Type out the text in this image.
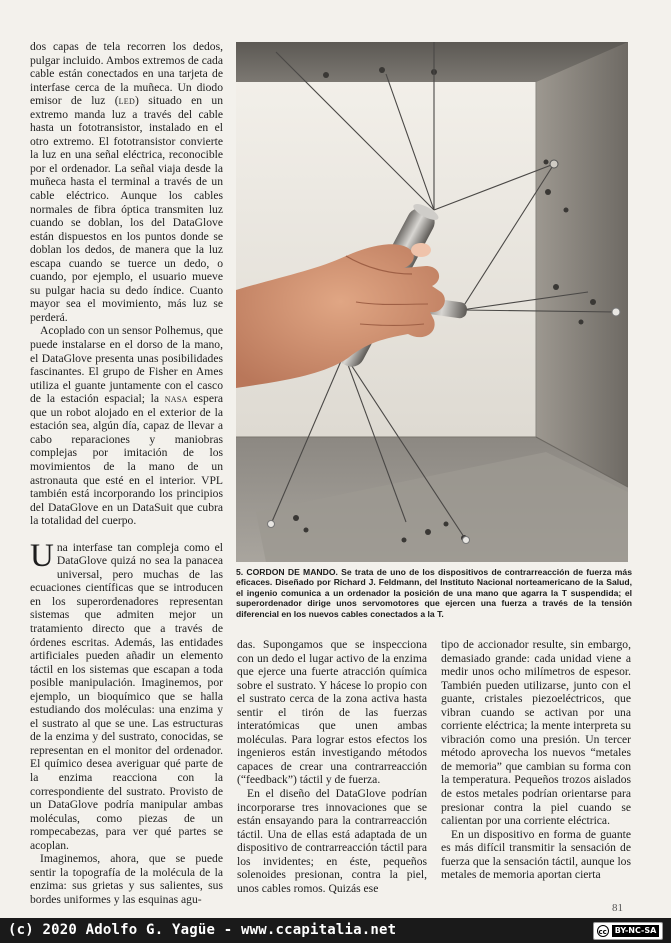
dos capas de tela recorren los dedos, pulgar incluido. Ambos extremos de cada cable están conectados en una tarjeta de interfase cerca de la muñeca. Un diodo emisor de luz (led) situado en un extremo manda luz a través del cable hasta un fototransistor, instalado en el otro extremo. El fototransistor convierte la luz en una señal eléctrica, reconocible por el ordenador. La señal viaja desde la muñeca hasta el terminal a través de un cable eléctrico. Aunque los cables normales de fibra óptica transmiten luz cuando se doblan, los del DataGlove están dispuestos en los puntos donde se doblan los dedos, de manera que la luz escapa cuando se tuerce un dedo, o cuando, por ejemplo, el usuario mueve su pulgar hacia su dedo índice. Cuanto mayor sea el movimiento, más luz se perderá.

Acoplado con un sensor Polhemus, que puede instalarse en el dorso de la mano, el DataGlove presenta unas posibilidades fascinantes. El grupo de Fisher en Ames utiliza el guante juntamente con el casco de la estación espacial; la nasa espera que un robot alojado en el exterior de la estación sea, algún día, capaz de llevar a cabo reparaciones y maniobras complejas por imitación de los movimientos de la mano de un astronauta que esté en el interior. VPL también está incorporando los principios del DataGlove en un DataSuit que cubra la totalidad del cuerpo.

Una interfase tan compleja como el DataGlove quizá no sea la panacea universal, pero muchas de las ecuaciones científicas que se introducen en los superordenadores representan sistemas que admiten mejor un tratamiento directo que a través de órdenes escritas. Además, las entidades artificiales pueden añadir un elemento táctil en los sistemas que escapan a toda posible manipulación. Imaginemos, por ejemplo, un bioquímico que se halla estudiando dos moléculas: una enzima y el sustrato al que se une. Las estructuras de la enzima y del sustrato, conocidas, se representan en el monitor del ordenador. El químico desea averiguar qué parte de la enzima reacciona con la correspondiente del sustrato. Provisto de un DataGlove podría manipular ambas moléculas, como piezas de un rompecabezas, para ver qué partes se acoplan.

Imaginemos, ahora, que se puede sentir la topografía de la molécula de la enzima: sus grietas y sus salientes, sus bordes uniformes y las esquinas agu-

5. CORDON DE MANDO. Se trata de uno de los dispositivos de contrarreacción de fuerza más eficaces. Diseñado por Richard J. Feldmann, del Instituto Nacional norteamericano de la Salud, el ingenio comunica a un ordenador la posición de una mano que agarra la T suspendida; el superordenador dirige unos servomotores que ejercen una fuerza a través de la tensión diferencial en los nuevos cables conectados a la T.

das. Supongamos que se inspecciona con un dedo el lugar activo de la enzima que ejerce una fuerte atracción química sobre el sustrato. Y hácese lo propio con el sustrato cerca de la zona activa hasta sentir el tirón de las fuerzas interatómicas que unen ambas moléculas. Para lograr estos efectos los ingenieros están investigando métodos capaces de crear una contrarreacción (“feedback”) táctil y de fuerza.

En el diseño del DataGlove podrían incorporarse tres innovaciones que se están ensayando para la contrarreacción táctil. Una de ellas está adaptada de un dispositivo de contrarreacción táctil para los invidentes; en éste, pequeños solenoides presionan, contra la piel, unos cables romos. Quizás ese

tipo de accionador resulte, sin embargo, demasiado grande: cada unidad viene a medir unos ocho milímetros de espesor. También pueden utilizarse, junto con el guante, cristales piezoeléctricos, que vibran cuando se activan por una corriente eléctrica; la mente interpreta su vibración como una presión. Un tercer método aprovecha los nuevos “metales de memoria” que cambian su forma con la temperatura. Pequeños trozos aislados de estos metales podrían orientarse para presionar contra la piel cuando se calientan por una corriente eléctrica.

En un dispositivo en forma de guante es más difícil transmitir la sensación de fuerza que la sensación táctil, aunque los metales de memoria aportan cierta

81
(c) 2020 Adolfo G. Yagüe - www.ccapitalia.net	cc BY-NC-SA
